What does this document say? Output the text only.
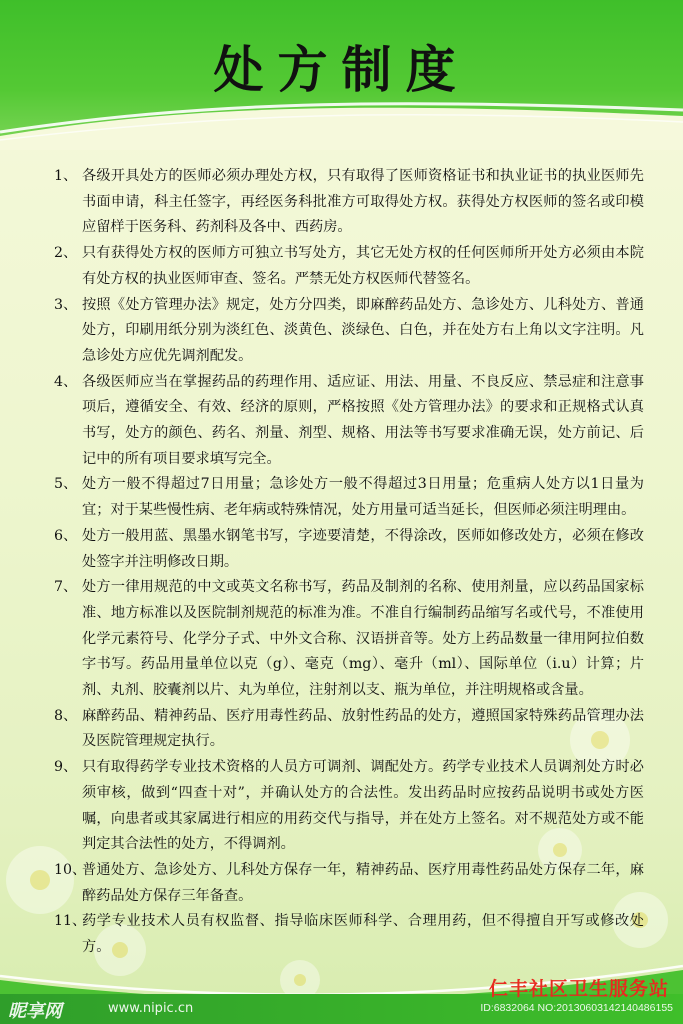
处方制度
1、 各级开具处方的医师必须办理处方权，只有取得了医师资格证书和执业证书的执业医师先书面申请，科主任签字，再经医务科批准方可取得处方权。获得处方权医师的签名或印模应留样于医务科、药剂科及各中、西药房。
2、 只有获得处方权的医师方可独立书写处方，其它无处方权的任何医师所开处方必须由本院有处方权的执业医师审查、签名。严禁无处方权医师代替签名。
3、 按照《处方管理办法》规定，处方分四类，即麻醉药品处方、急诊处方、儿科处方、普通处方，印刷用纸分别为淡红色、淡黄色、淡绿色、白色，并在处方右上角以文字注明。凡急诊处方应优先调剂配发。
4、 各级医师应当在掌握药品的药理作用、适应证、用法、用量、不良反应、禁忌症和注意事项后，遵循安全、有效、经济的原则，严格按照《处方管理办法》的要求和正规格式认真书写，处方的颜色、药名、剂量、剂型、规格、用法等书写要求准确无误，处方前记、后记中的所有项目要求填写完全。
5、 处方一般不得超过7日用量；急诊处方一般不得超过3日用量；危重病人处方以1日量为宜；对于某些慢性病、老年病或特殊情况，处方用量可适当延长，但医师必须注明理由。
6、 处方一般用蓝、黑墨水钢笔书写，字迹要清楚，不得涂改，医师如修改处方，必须在修改处签字并注明修改日期。
7、 处方一律用规范的中文或英文名称书写，药品及制剂的名称、使用剂量，应以药品国家标准、地方标准以及医院制剂规范的标准为准。不准自行编制药品缩写名或代号，不准使用化学元素符号、化学分子式、中外文合称、汉语拼音等。处方上药品数量一律用阿拉伯数字书写。药品用量单位以克（g）、毫克（mg）、毫升（ml）、国际单位（i.u）计算；片剂、丸剂、胶囊剂以片、丸为单位，注射剂以支、瓶为单位，并注明规格或含量。
8、 麻醉药品、精神药品、医疗用毒性药品、放射性药品的处方，遵照国家特殊药品管理办法及医院管理规定执行。
9、 只有取得药学专业技术资格的人员方可调剂、调配处方。药学专业技术人员调剂处方时必须审核，做到“四查十对”，并确认处方的合法性。发出药品时应按药品说明书或处方医嘱，向患者或其家属进行相应的用药交代与指导，并在处方上签名。对不规范处方或不能判定其合法性的处方，不得调剂。
10、
普通处方、急诊处方、儿科处方保存一年，精神药品、医疗用毒性药品处方保存二年，麻醉药品处方保存三年备查。
11、
药学专业技术人员有权监督、指导临床医师科学、合理用药，但不得擅自开写或修改处方。
仁丰社区卫生服务站
昵享网	www.nipic.cn	ID:6832064 NO:20130603142140486155
